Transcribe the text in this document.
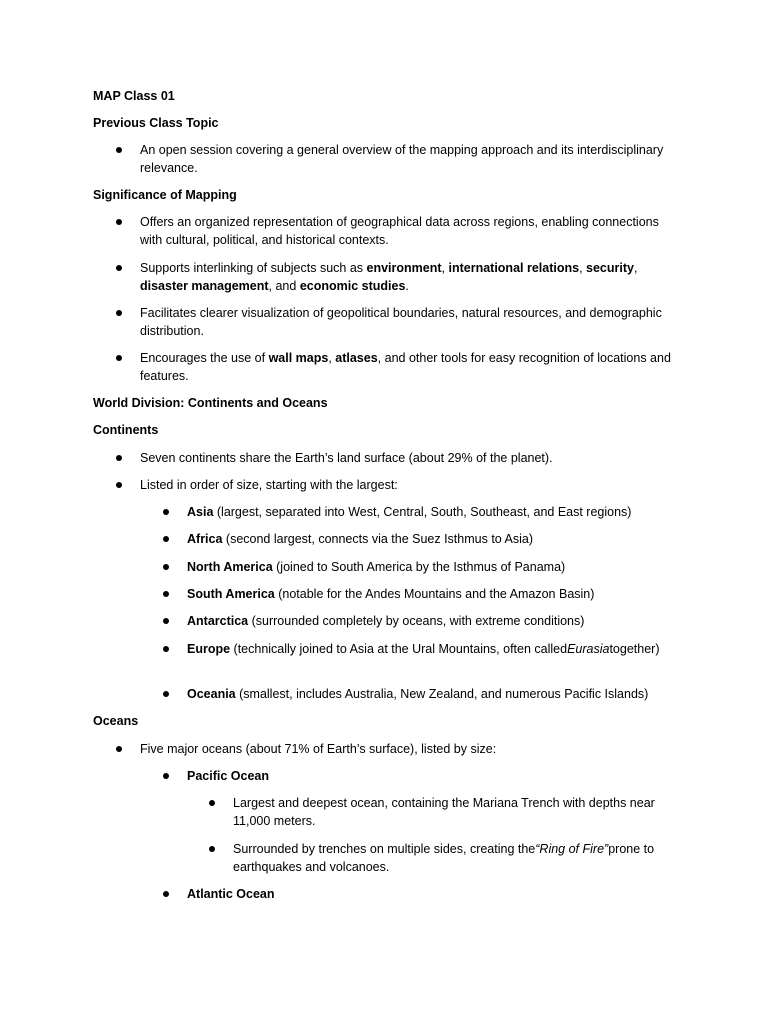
MAP Class 01
Previous Class Topic
An open session covering a general overview of the mapping approach and its interdisciplinary relevance.
Significance of Mapping
Offers an organized representation of geographical data across regions, enabling connections with cultural, political, and historical contexts.
Supports interlinking of subjects such as environment, international relations, security, disaster management, and economic studies.
Facilitates clearer visualization of geopolitical boundaries, natural resources, and demographic distribution.
Encourages the use of wall maps, atlases, and other tools for easy recognition of locations and features.
World Division: Continents and Oceans
Continents
Seven continents share the Earth’s land surface (about 29% of the planet).
Listed in order of size, starting with the largest:
Asia (largest, separated into West, Central, South, Southeast, and East regions)
Africa (second largest, connects via the Suez Isthmus to Asia)
North America (joined to South America by the Isthmus of Panama)
South America (notable for the Andes Mountains and the Amazon Basin)
Antarctica (surrounded completely by oceans, with extreme conditions)
Europe (technically joined to Asia at the Ural Mountains, often calledEurasiatogether)
Oceania (smallest, includes Australia, New Zealand, and numerous Pacific Islands)
Oceans
Five major oceans (about 71% of Earth’s surface), listed by size:
Pacific Ocean
Largest and deepest ocean, containing the Mariana Trench with depths near 11,000 meters.
Surrounded by trenches on multiple sides, creating the“Ring of Fire”prone to earthquakes and volcanoes.
Atlantic Ocean
